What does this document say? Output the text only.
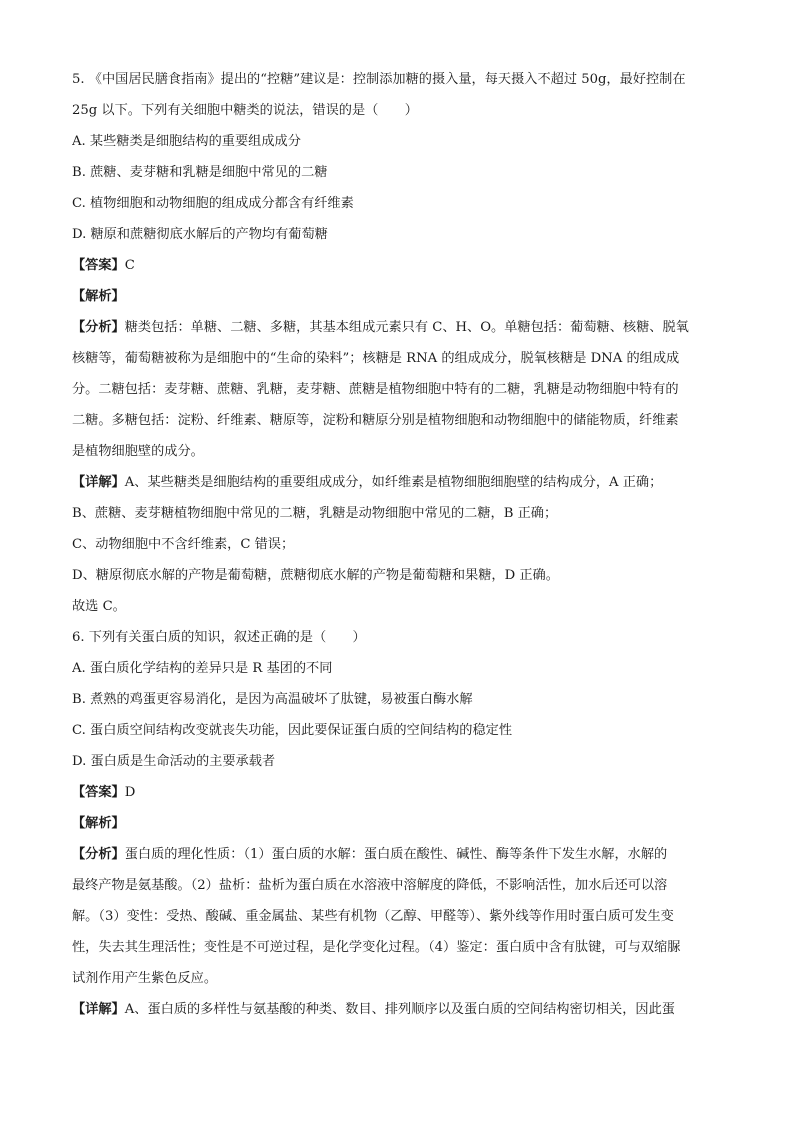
5. 《中国居民膳食指南》提出的“控糖”建议是：控制添加糖的摄入量，每天摄入不超过 50g，最好控制在
25g 以下。下列有关细胞中糖类的说法，错误的是（　　）
A. 某些糖类是细胞结构的重要组成成分
B. 蔗糖、麦芽糖和乳糖是细胞中常见的二糖
C. 植物细胞和动物细胞的组成成分都含有纤维素
D. 糖原和蔗糖彻底水解后的产物均有葡萄糖
【答案】C
【解析】
【分析】糖类包括：单糖、二糖、多糖，其基本组成元素只有 C、H、O。单糖包括：葡萄糖、核糖、脱氧
核糖等，葡萄糖被称为是细胞中的“生命的染料”；核糖是 RNA 的组成成分，脱氧核糖是 DNA 的组成成
分。二糖包括：麦芽糖、蔗糖、乳糖，麦芽糖、蔗糖是植物细胞中特有的二糖，乳糖是动物细胞中特有的
二糖。多糖包括：淀粉、纤维素、糖原等，淀粉和糖原分别是植物细胞和动物细胞中的储能物质，纤维素
是植物细胞壁的成分。
【详解】A、某些糖类是细胞结构的重要组成成分，如纤维素是植物细胞细胞壁的结构成分，A 正确；
B、蔗糖、麦芽糖植物细胞中常见的二糖，乳糖是动物细胞中常见的二糖，B 正确；
C、动物细胞中不含纤维素，C 错误；
D、糖原彻底水解的产物是葡萄糖，蔗糖彻底水解的产物是葡萄糖和果糖，D 正确。
故选 C。
6. 下列有关蛋白质的知识，叙述正确的是（　　）
A. 蛋白质化学结构的差异只是 R 基团的不同
B. 煮熟的鸡蛋更容易消化，是因为高温破坏了肽键，易被蛋白酶水解
C. 蛋白质空间结构改变就丧失功能，因此要保证蛋白质的空间结构的稳定性
D. 蛋白质是生命活动的主要承载者
【答案】D
【解析】
【分析】蛋白质的理化性质：（1）蛋白质的水解：蛋白质在酸性、碱性、酶等条件下发生水解，水解的
最终产物是氨基酸。（2）盐析：盐析为蛋白质在水溶液中溶解度的降低，不影响活性，加水后还可以溶
解。（3）变性：受热、酸碱、重金属盐、某些有机物（乙醇、甲醛等）、紫外线等作用时蛋白质可发生变
性，失去其生理活性；变性是不可逆过程，是化学变化过程。（4）鉴定：蛋白质中含有肽键，可与双缩脲
试剂作用产生紫色反应。
【详解】A、蛋白质的多样性与氨基酸的种类、数目、排列顺序以及蛋白质的空间结构密切相关，因此蛋
